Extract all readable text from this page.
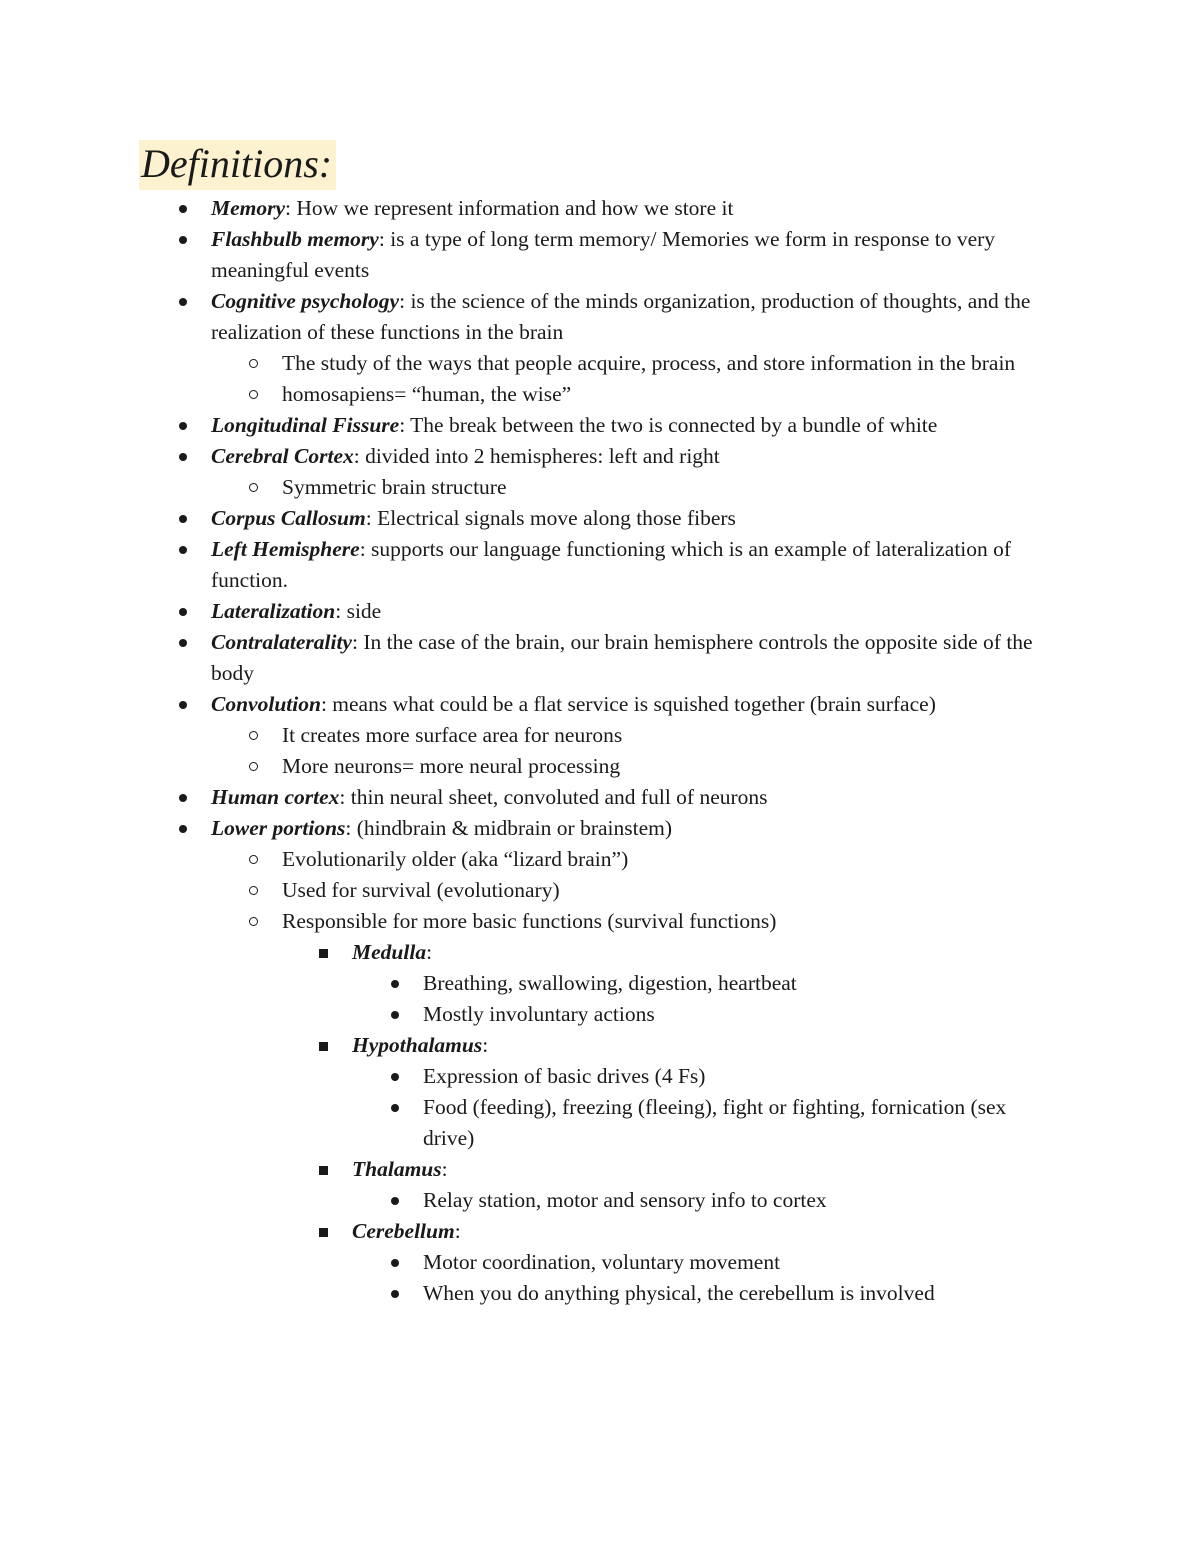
Definitions:
Memory: How we represent information and how we store it
Flashbulb memory: is a type of long term memory/ Memories we form in response to very meaningful events
Cognitive psychology: is the science of the minds organization, production of thoughts, and the realization of these functions in the brain
The study of the ways that people acquire, process, and store information in the brain
homosapiens= “human, the wise”
Longitudinal Fissure: The break between the two is connected by a bundle of white
Cerebral Cortex: divided into 2 hemispheres: left and right
Symmetric brain structure
Corpus Callosum: Electrical signals move along those fibers
Left Hemisphere: supports our language functioning which is an example of lateralization of function.
Lateralization: side
Contralaterality: In the case of the brain, our brain hemisphere controls the opposite side of the body
Convolution: means what could be a flat service is squished together (brain surface)
It creates more surface area for neurons
More neurons= more neural processing
Human cortex: thin neural sheet, convoluted and full of neurons
Lower portions: (hindbrain & midbrain or brainstem)
Evolutionarily older (aka “lizard brain”)
Used for survival (evolutionary)
Responsible for more basic functions (survival functions)
Medulla:
Breathing, swallowing, digestion, heartbeat
Mostly involuntary actions
Hypothalamus:
Expression of basic drives (4 Fs)
Food (feeding), freezing (fleeing), fight or fighting, fornication (sex drive)
Thalamus:
Relay station, motor and sensory info to cortex
Cerebellum:
Motor coordination, voluntary movement
When you do anything physical, the cerebellum is involved
